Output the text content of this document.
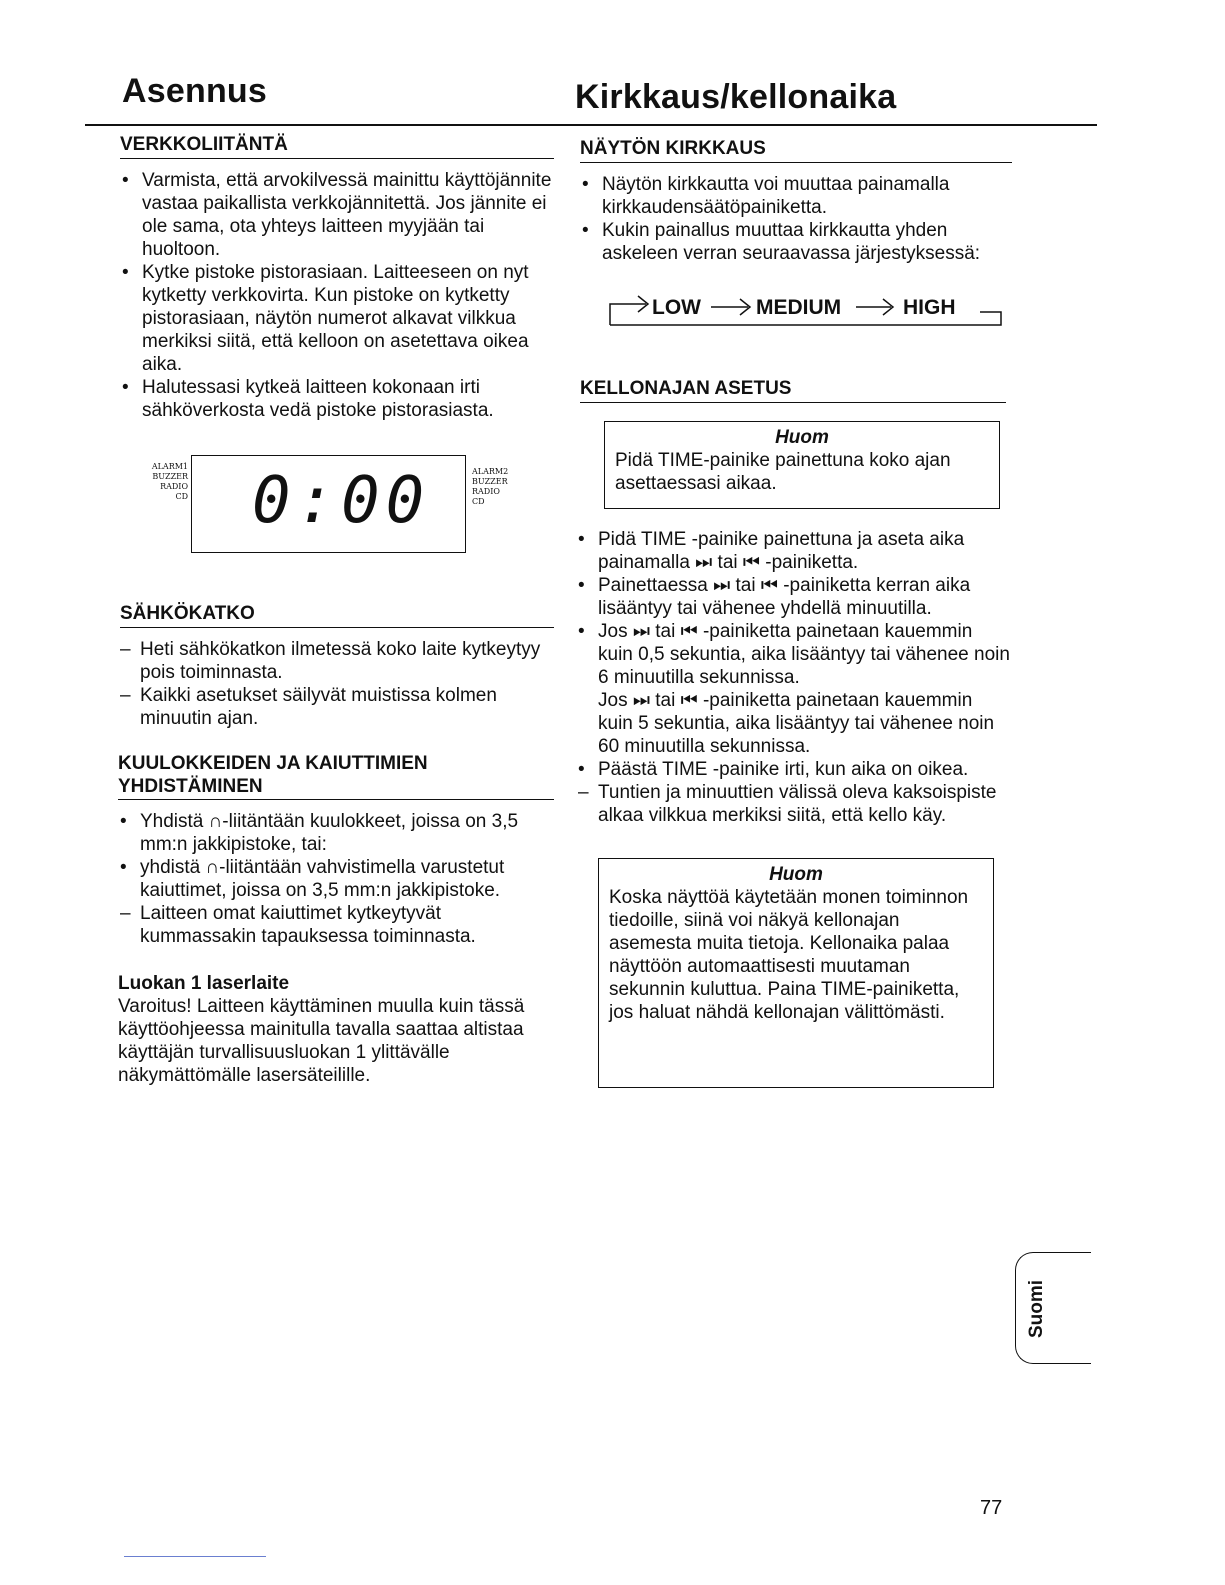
Asennus	Kirkkaus/kellonaika
VERKKOLIITÄNTÄ
• Varmista, että arvokilvessä mainittu käyttöjännite vastaa paikallista verkkojännitettä. Jos jännite ei ole sama, ota yhteys laitteen myyjään tai huoltoon.
• Kytke pistoke pistorasiaan. Laitteeseen on nyt kytketty verkkovirta. Kun pistoke on kytketty pistorasiaan, näytön numerot alkavat vilkkua merkiksi siitä, että kelloon on asetettava oikea aika.
• Halutessasi kytkeä laitteen kokonaan irti sähköverkosta vedä pistoke pistorasiasta.
ALARM1
BUZZER
RADIO
CD 0:00	ALARM2
BUZZER
RADIO
CD
SÄHKÖKATKO
– Heti sähkökatkon ilmetessä koko laite kytkeytyy pois toiminnasta.
– Kaikki asetukset säilyvät muistissa kolmen minuutin ajan.
KUULOKKEIDEN JA KAIUTTIMIEN
YHDISTÄMINEN
• Yhdistä ∩-liitäntään kuulokkeet, joissa on 3,5 mm:n jakkipistoke, tai:
• yhdistä ∩-liitäntään vahvistimella varustetut kaiuttimet, joissa on 3,5 mm:n jakkipistoke.
– Laitteen omat kaiuttimet kytkeytyvät kummassakin tapauksessa toiminnasta.
Luokan 1 laserlaite
Varoitus! Laitteen käyttäminen muulla kuin tässä käyttöohjeessa mainitulla tavalla saattaa altistaa käyttäjän turvallisuusluokan 1 ylittävälle näkymättömälle lasersäteilille.
NÄYTÖN KIRKKAUS
• Näytön kirkkautta voi muuttaa painamalla kirkkaudensäätöpainiketta.
• Kukin painallus muuttaa kirkkautta yhden askeleen verran seuraavassa järjestyksessä:
LOW	MEDIUM	HIGH
KELLONAJAN ASETUS

Huom

Pidä TIME-painike painettuna koko ajan asettaessasi aikaa.

• Pidä TIME -painike painettuna ja aseta aika painamalla ⏭ tai ⏮ -painiketta.
• Painettaessa ⏭ tai ⏮ -painiketta kerran aika lisääntyy tai vähenee yhdellä minuutilla.
• Jos ⏭ tai ⏮ -painiketta painetaan kauemmin kuin 0,5 sekuntia, aika lisääntyy tai vähenee noin 6 minuutilla sekunnissa.
Jos ⏭ tai ⏮ -painiketta painetaan kauemmin kuin 5 sekuntia, aika lisääntyy tai vähenee noin 60 minuutilla sekunnissa.
• Päästä TIME -painike irti, kun aika on oikea.
– Tuntien ja minuuttien välissä oleva kaksoispiste alkaa vilkkua merkiksi siitä, että kello käy.

Huom

Koska näyttöä käytetään monen toiminnon tiedoille, siinä voi näkyä kellonajan asemesta muita tietoja. Kellonaika palaa näyttöön automaattisesti muutaman sekunnin kuluttua. Paina TIME-painiketta, jos haluat nähdä kellonajan välittömästi.

Suomi
77
